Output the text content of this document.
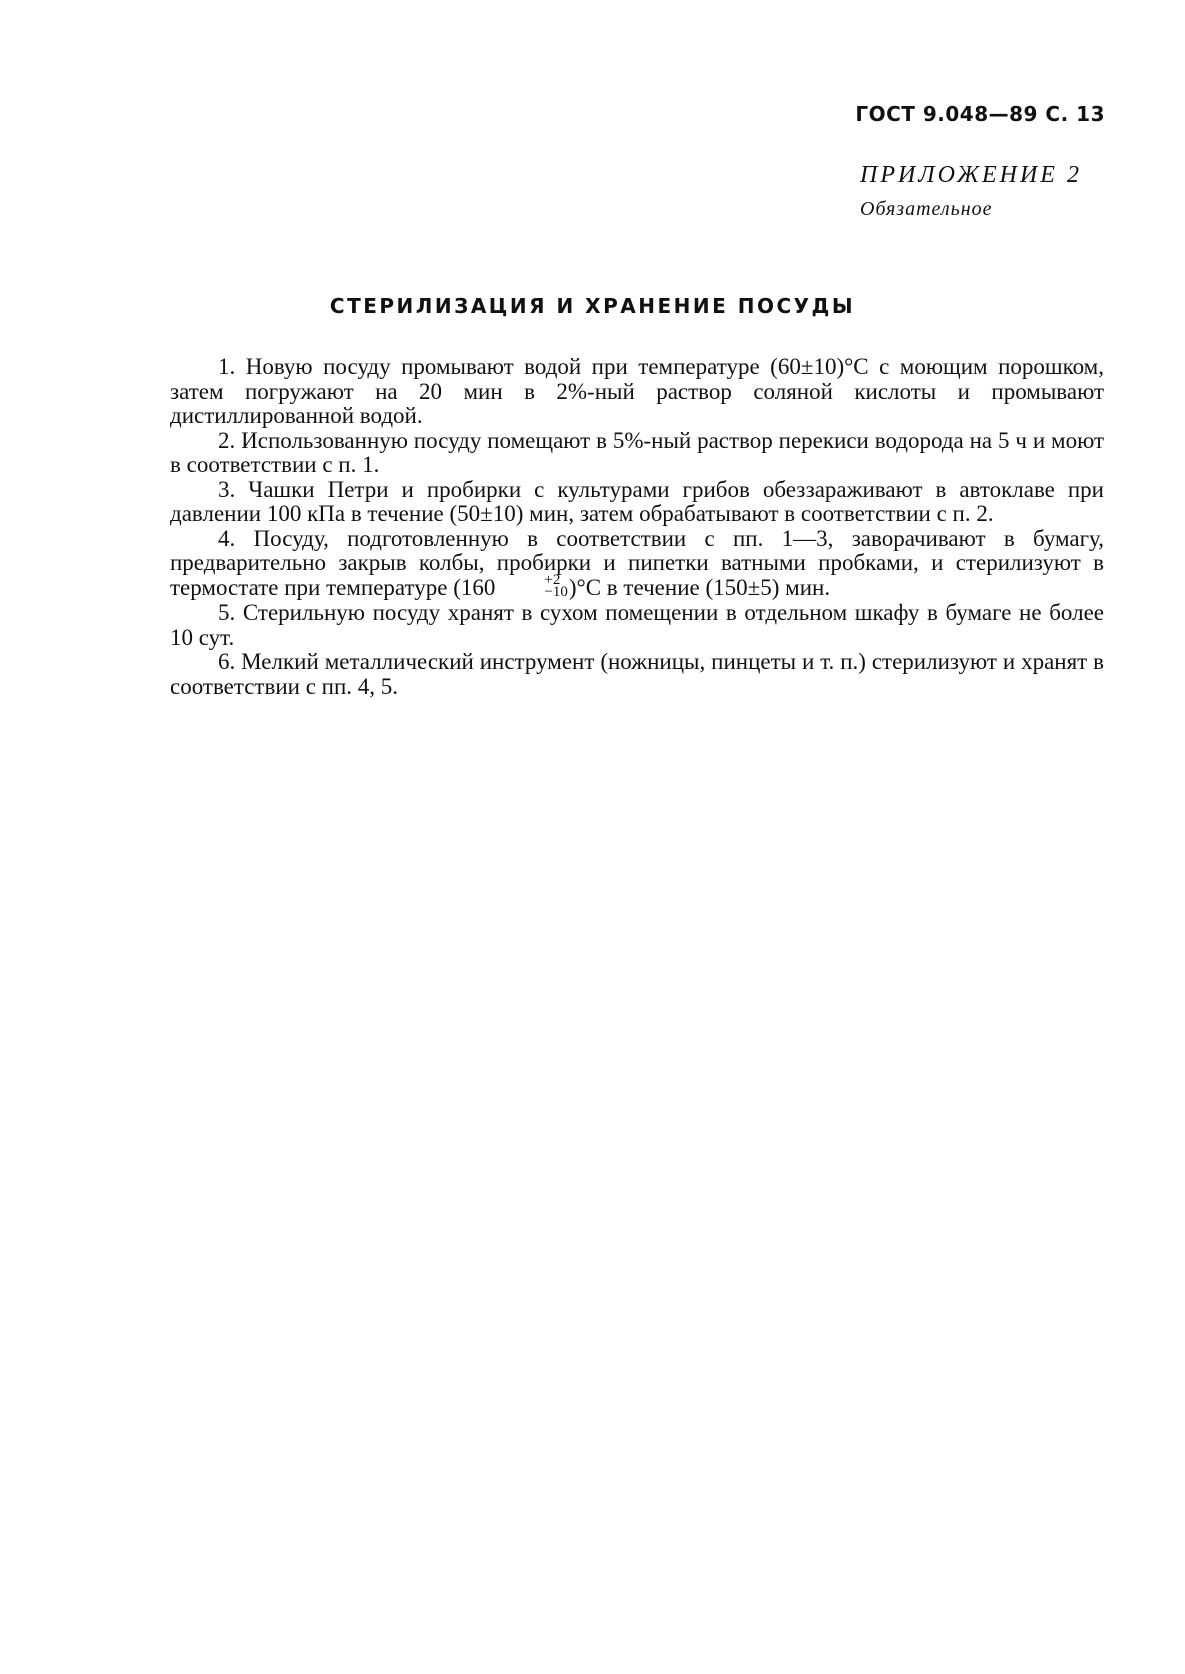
ГОСТ 9.048—89 С. 13
ПРИЛОЖЕНИЕ 2
Обязательное
СТЕРИЛИЗАЦИЯ И ХРАНЕНИЕ ПОСУДЫ

1. Новую посуду промывают водой при температуре (60±10)°С с моющим порошком, затем погружают на 20 мин в 2%-ный раствор соляной кислоты и промывают дистиллированной водой.

2. Использованную посуду помещают в 5%-ный раствор перекиси водорода на 5 ч и моют в соответствии с п. 1.

3. Чашки Петри и пробирки с культурами грибов обеззараживают в автоклаве при давлении 100 кПа в течение (50±10) мин, затем обрабатывают в соответствии с п. 2.

4. Посуду, подготовленную в соответствии с пп. 1—3, заворачивают в бумагу, предварительно закрыв колбы, пробирки и пипетки ватными пробками, и стерилизуют в термостате при температуре (160	+2
−10 )°С в течение (150±5) мин.

5. Стерильную посуду хранят в сухом помещении в отдельном шкафу в бумаге не более 10 сут.

6. Мелкий металлический инструмент (ножницы, пинцеты и т. п.) стерилизуют и хранят в соответствии с пп. 4, 5.
